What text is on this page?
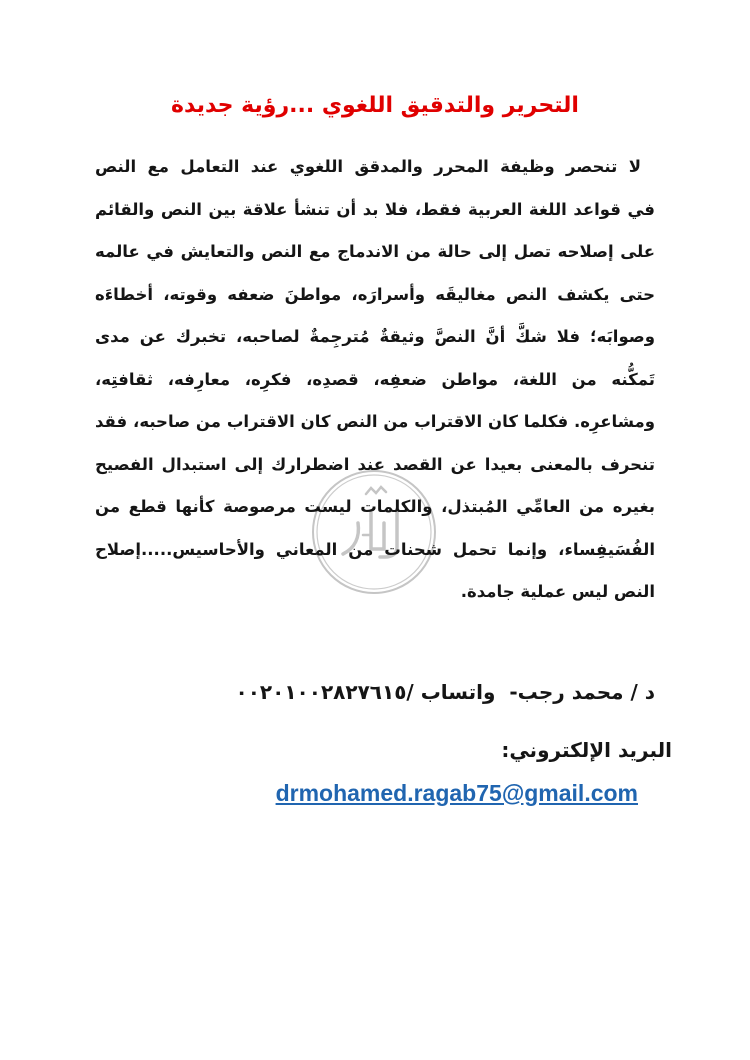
التحرير والتدقيق اللغوي ...رؤية جديدة
لا تنحصر وظيفة المحرر والمدقق اللغوي عند التعامل مع النص
في قواعد اللغة العربية فقط، فلا بد أن تنشأ علاقة بين النص والقائم
على إصلاحه تصل إلى حالة من الاندماج مع النص والتعايش في عالمه
حتى يكشف النص مغاليقَه وأسرارَه، مواطنَ ضعفه وقوته، أخطاءَه
وصوابَه؛ فلا شكَّ أنَّ النصَّ وثيقةٌ مُترجِمةٌ لصاحبه، تخبرك عن مدى
تَمكُّنه من اللغة، مواطن ضعفِه، قصدِه، فكرِه، معارِفه، ثقافتِه،
ومشاعرِه. فكلما كان الاقتراب من النص كان الاقتراب من صاحبه، فقد
تنحرف بالمعنى بعيدا عن القصد عند اضطرارك إلى استبدال الفصيح
بغيره من العامِّي المُبتذل، والكلمات ليست مرصوصة كأنها قطع من
الفُسَيفِساء، وإنما تحمل شحنات من المعاني والأحاسيس.....إصلاح
النص ليس عملية جامدة.
د / محمد رجب-  واتساب /٠٠٢٠١٠٠٢٨٢٧٦١٥
البريد الإلكتروني:
drmohamed.ragab75@gmail.com
